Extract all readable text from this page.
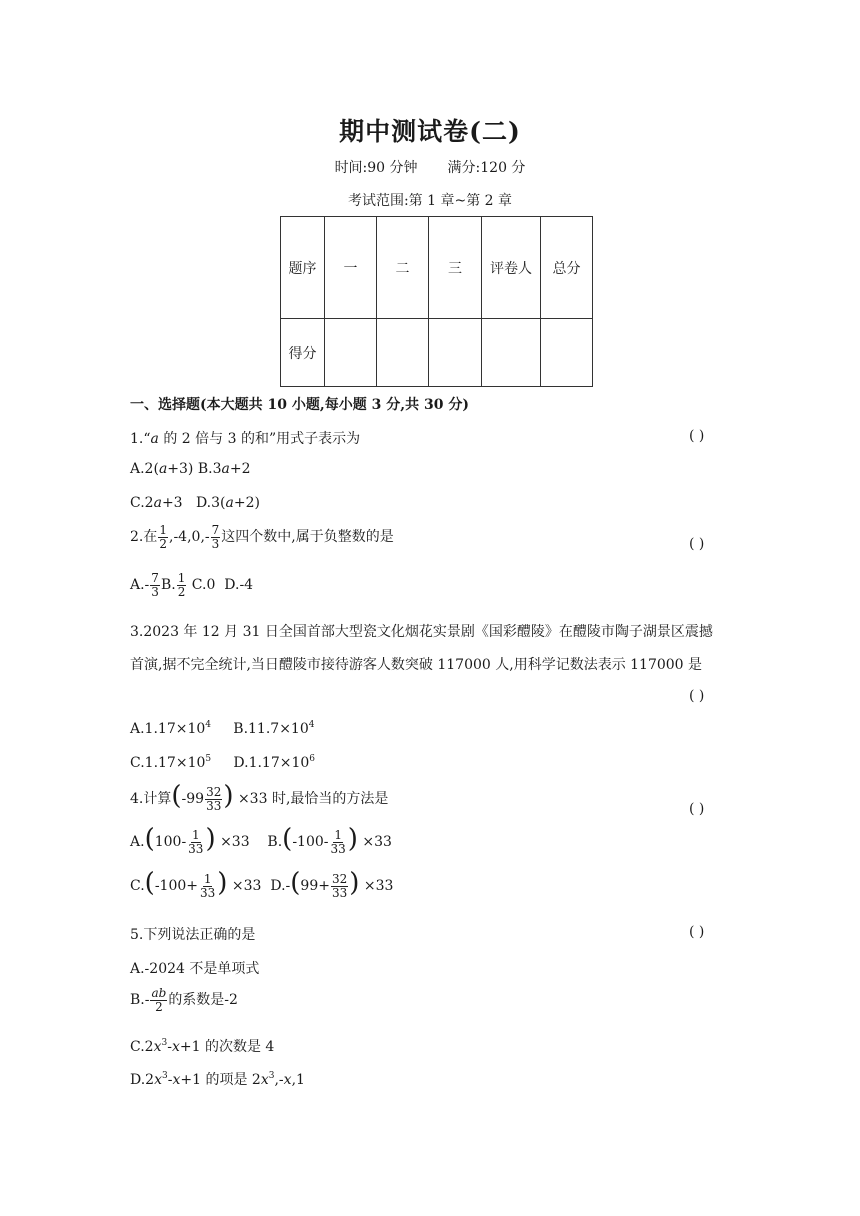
期中测试卷(二)
时间:90 分钟 满分:120 分
考试范围:第 1 章~第 2 章
题序	一	二	三	评卷人	总分
得分					
一、选择题(本大题共 10 小题,每小题 3 分,共 30 分)
1.“a 的 2 倍与 3 的和”用式子表示为	( )
A.2(a+3) B.3a+2
C.2a+3 D.3(a+2)
2.在 $\frac{1}{2} ,-4,0,- \frac{7}{3}$ 这四个数中,属于负整数的是	( )
$A.- \frac{7}{3} B$. $\frac{1}{2} C.0$ D.-4
3.2023 年 12 月 31 日全国首部大型瓷文化烟花实景剧《国彩醴陵》在醴陵市陶子湖景区震撼
首演,据不完全统计,当日醴陵市接待游客人数突破 117000 人,用科学记数法表示 117000 是
( )
$A.1.17\times 10^4$ $B.11.7\times 10^4$
$C.1.17\times 10^5$ $D.1.17\times 10^6$
4.计算($-99 \frac{32}{33}$ ) ×33 时,最恰当的方法是
( )
$A.(100- \frac{1}{33}$ ) ×33 $B.(-100- \frac{1}{33}$ ) ×33
$C.(-100+ \frac{1}{33}$ ) ×33 $D.-(99+ \frac{32}{33}$ ) ×33
5.下列说法正确的是	( )
A.-2024 不是单项式
$B.- \frac{ab}{2}$ 的系数是-2
$C.2x^3-x+1$ 的次数是 4
$D.2x^3-x+1$ 的项是 $2x^3,-x,1$
